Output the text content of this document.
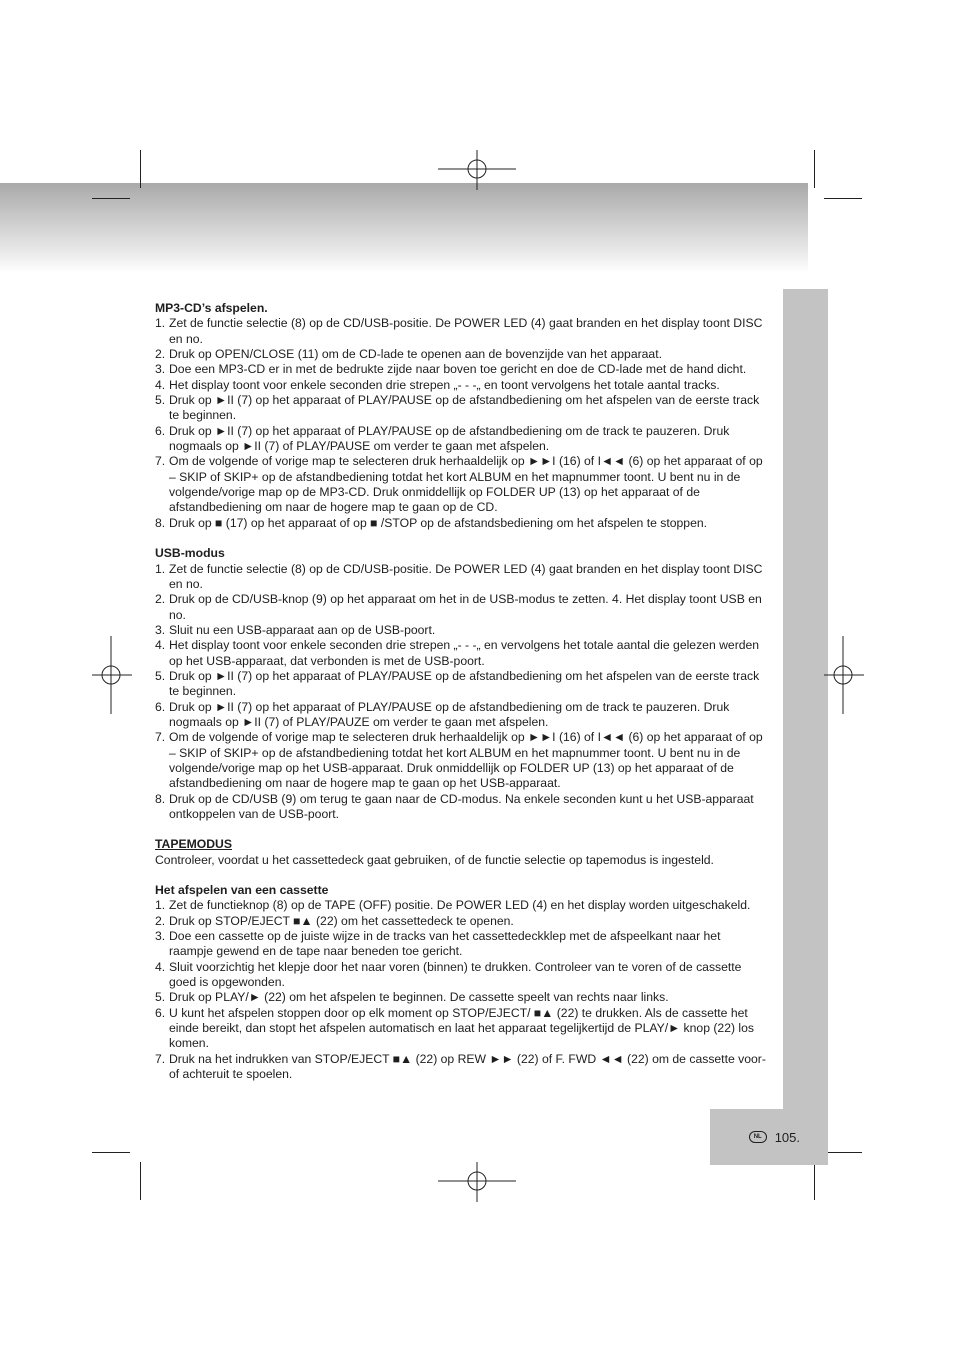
NL	105.
MP3-CD’s afspelen.
1. Zet de functie selectie (8) op de CD/USB-positie. De POWER LED (4) gaat branden en het display toont DISC en no.
2. Druk op OPEN/CLOSE (11) om de CD-lade te openen aan de bovenzijde van het apparaat.
3. Doe een MP3-CD er in met de bedrukte zijde naar boven toe gericht en doe de CD-lade met de hand dicht.
4. Het display toont voor enkele seconden drie strepen „- - -„ en toont vervolgens het totale aantal tracks.
5. Druk op ►II (7) op het apparaat of PLAY/PAUSE op de afstandbediening om het afspelen van de eerste track te beginnen.
6. Druk op ►II (7) op het apparaat of PLAY/PAUSE op de afstandbediening om de track te pauzeren. Druk nogmaals op ►II (7) of PLAY/PAUSE om verder te gaan met afspelen.
7. Om de volgende of vorige map te selecteren druk herhaaldelijk op ►►I (16) of I◄◄ (6) op het apparaat of op – SKIP of SKIP+ op de afstandbediening totdat het kort ALBUM en het mapnummer toont. U bent nu in de volgende/vorige map op de MP3-CD. Druk onmiddellijk op FOLDER UP (13) op het apparaat of de afstandbediening om naar de hogere map te gaan op de CD.
8. Druk op ■ (17) op het apparaat of op ■ /STOP op de afstandsbediening om het afspelen te stoppen.
USB-modus
1. Zet de functie selectie (8) op de CD/USB-positie. De POWER LED (4) gaat branden en het display toont DISC en no.
2. Druk op de CD/USB-knop (9) op het apparaat om het in de USB-modus te zetten. 4. Het display toont USB en no.
3. Sluit nu een USB-apparaat aan op de USB-poort.
4. Het display toont voor enkele seconden drie strepen „- - -„ en vervolgens het totale aantal die gelezen werden op het USB-apparaat, dat verbonden is met de USB-poort.
5. Druk op ►II (7) op het apparaat of PLAY/PAUSE op de afstandbediening om het afspelen van de eerste track te beginnen.
6. Druk op ►II (7) op het apparaat of PLAY/PAUSE op de afstandbediening om de track te pauzeren. Druk nogmaals op ►II (7) of PLAY/PAUZE om verder te gaan met afspelen.
7. Om de volgende of vorige map te selecteren druk herhaaldelijk op ►►I (16) of I◄◄ (6) op het apparaat of op – SKIP of SKIP+ op de afstandbediening totdat het kort ALBUM en het mapnummer toont. U bent nu in de volgende/vorige map op het USB-apparaat. Druk onmiddellijk op FOLDER UP (13) op het apparaat of de afstandbediening om naar de hogere map te gaan op het USB-apparaat.
8. Druk op de CD/USB (9) om terug te gaan naar de CD-modus. Na enkele seconden kunt u het USB-apparaat ontkoppelen van de USB-poort.
TAPEMODUS

Controleer, voordat u het cassettedeck gaat gebruiken, of de functie selectie op tapemodus is ingesteld.

Het afspelen van een cassette
1. Zet de functieknop (8) op de TAPE (OFF) positie. De POWER LED (4) en het display worden uitgeschakeld.
2. Druk op STOP/EJECT ■▲ (22) om het cassettedeck te openen.
3. Doe een cassette op de juiste wijze in de tracks van het cassettedeckklep met de afspeelkant naar het raampje gewend en de tape naar beneden toe gericht.
4. Sluit voorzichtig het klepje door het naar voren (binnen) te drukken. Controleer van te voren of de cassette goed is opgewonden.
5. Druk op PLAY/► (22) om het afspelen te beginnen. De cassette speelt van rechts naar links.
6. U kunt het afspelen stoppen door op elk moment op STOP/EJECT/ ■▲ (22) te drukken. Als de cassette het einde bereikt, dan stopt het afspelen automatisch en laat het apparaat tegelijkertijd de PLAY/► knop (22) los komen.
7. Druk na het indrukken van STOP/EJECT ■▲ (22) op REW ►► (22) of F. FWD ◄◄ (22) om de cassette voor- of achteruit te spoelen.
